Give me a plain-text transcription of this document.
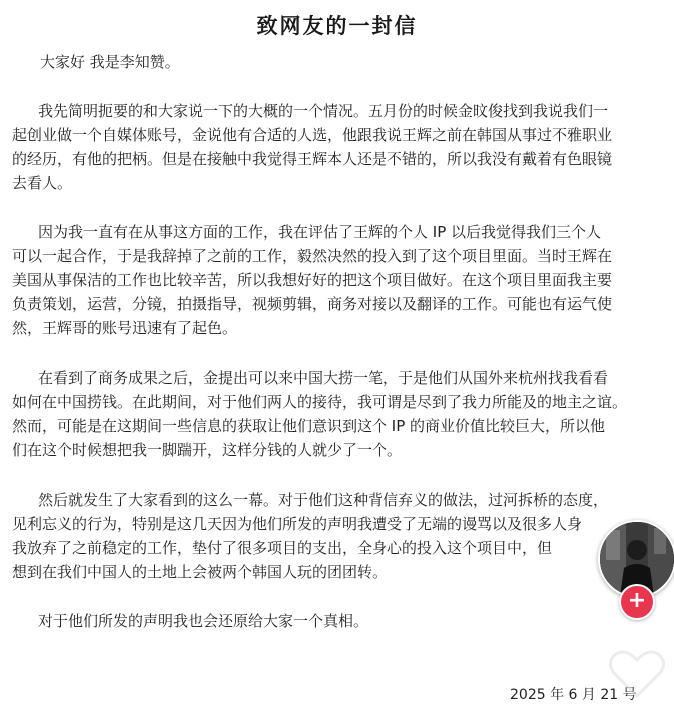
致网友的一封信
大家好 我是李知赞。
我先简明扼要的和大家说一下的大概的一个情况。五月份的时候金旼俊找到我说我们一
起创业做一个自媒体账号，金说他有合适的人选，他跟我说王辉之前在韩国从事过不雅职业
的经历，有他的把柄。但是在接触中我觉得王辉本人还是不错的，所以我没有戴着有色眼镜
去看人。
因为我一直有在从事这方面的工作，我在评估了王辉的个人 IP 以后我觉得我们三个人
可以一起合作，于是我辞掉了之前的工作，毅然决然的投入到了这个项目里面。当时王辉在
美国从事保洁的工作也比较辛苦，所以我想好好的把这个项目做好。在这个项目里面我主要
负责策划，运营，分镜，拍摄指导，视频剪辑，商务对接以及翻译的工作。可能也有运气使
然，王辉哥的账号迅速有了起色。
在看到了商务成果之后，金提出可以来中国大捞一笔，于是他们从国外来杭州找我看看
如何在中国捞钱。在此期间，对于他们两人的接待，我可谓是尽到了我力所能及的地主之谊。
然而，可能是在这期间一些信息的获取让他们意识到这个 IP 的商业价值比较巨大，所以他
们在这个时候想把我一脚踹开，这样分钱的人就少了一个。
然后就发生了大家看到的这么一幕。对于他们这种背信弃义的做法，过河拆桥的态度，
见利忘义的行为，特别是这几天因为他们所发的声明我遭受了无端的谩骂以及很多人身
我放弃了之前稳定的工作，垫付了很多项目的支出，全身心的投入这个项目中，但
想到在我们中国人的土地上会被两个韩国人玩的团团转。
对于他们所发的声明我也会还原给大家一个真相。
2025 年 6 月 21 号
+
